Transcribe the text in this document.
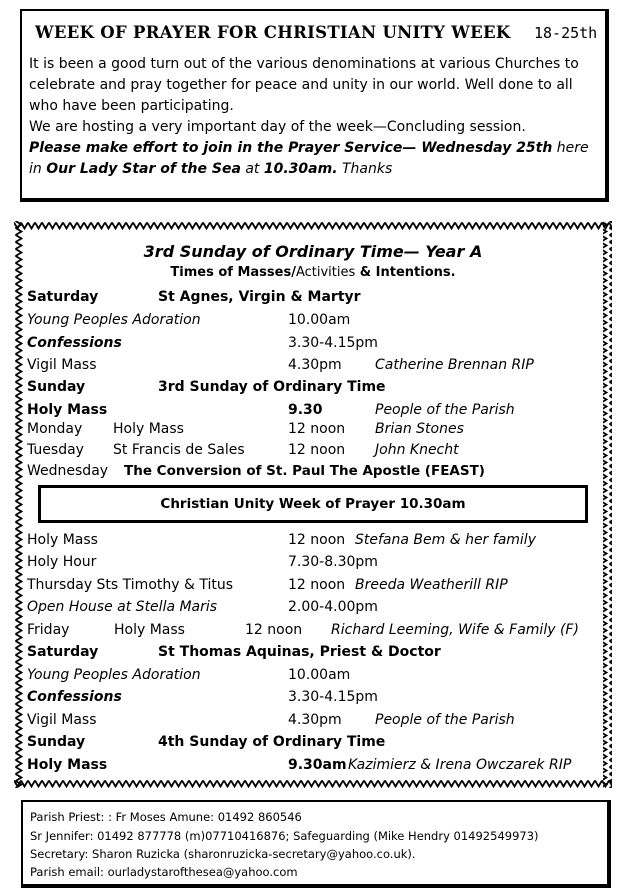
WEEK OF PRAYER FOR CHRISTIAN UNITY WEEK 18-25th

It is been a good turn out of the various denominations at various Churches to celebrate and pray together for peace and unity in our world. Well done to all who have been participating.

We are hosting a very important day of the week—Concluding session.

Please make effort to join in the Prayer Service— Wednesday 25th here in Our Lady Star of the Sea at 10.30am. Thanks

3rd Sunday of Ordinary Time— Year A
Times of Masses/Activities & Intentions.
Saturday	St Agnes, Virgin & Martyr
Young Peoples Adoration	10.00am
Confessions	3.30-4.15pm
Vigil Mass	4.30pm Catherine Brennan RIP
Sunday	3rd Sunday of Ordinary Time
Holy Mass	9.30	People of the Parish
Monday Holy Mass	12 noon Brian Stones
Tuesday St Francis de Sales	12 noon John Knecht
Wednesday The Conversion of St. Paul The Apostle (FEAST)
Christian Unity Week of Prayer 10.30am
Holy Mass	12 noon Stefana Bem & her family
Holy Hour	7.30-8.30pm
Thursday Sts Timothy & Titus	12 noon Breeda Weatherill RIP
Open House at Stella Maris	2.00-4.00pm
Friday	Holy Mass	12 noon Richard Leeming, Wife & Family (F)
Saturday	St Thomas Aquinas, Priest & Doctor
Young Peoples Adoration	10.00am
Confessions	3.30-4.15pm
Vigil Mass	4.30pm People of the Parish
Sunday	4th Sunday of Ordinary Time
Holy Mass	9.30am Kazimierz & Irena Owczarek RIP
Parish Priest: : Fr Moses Amune: 01492 860546
Sr Jennifer: 01492 877778 (m)07710416876; Safeguarding (Mike Hendry 01492549973)
Secretary: Sharon Ruzicka (sharonruzicka-secretary@yahoo.co.uk).
Parish email: ourladystarofthesea@yahoo.com
